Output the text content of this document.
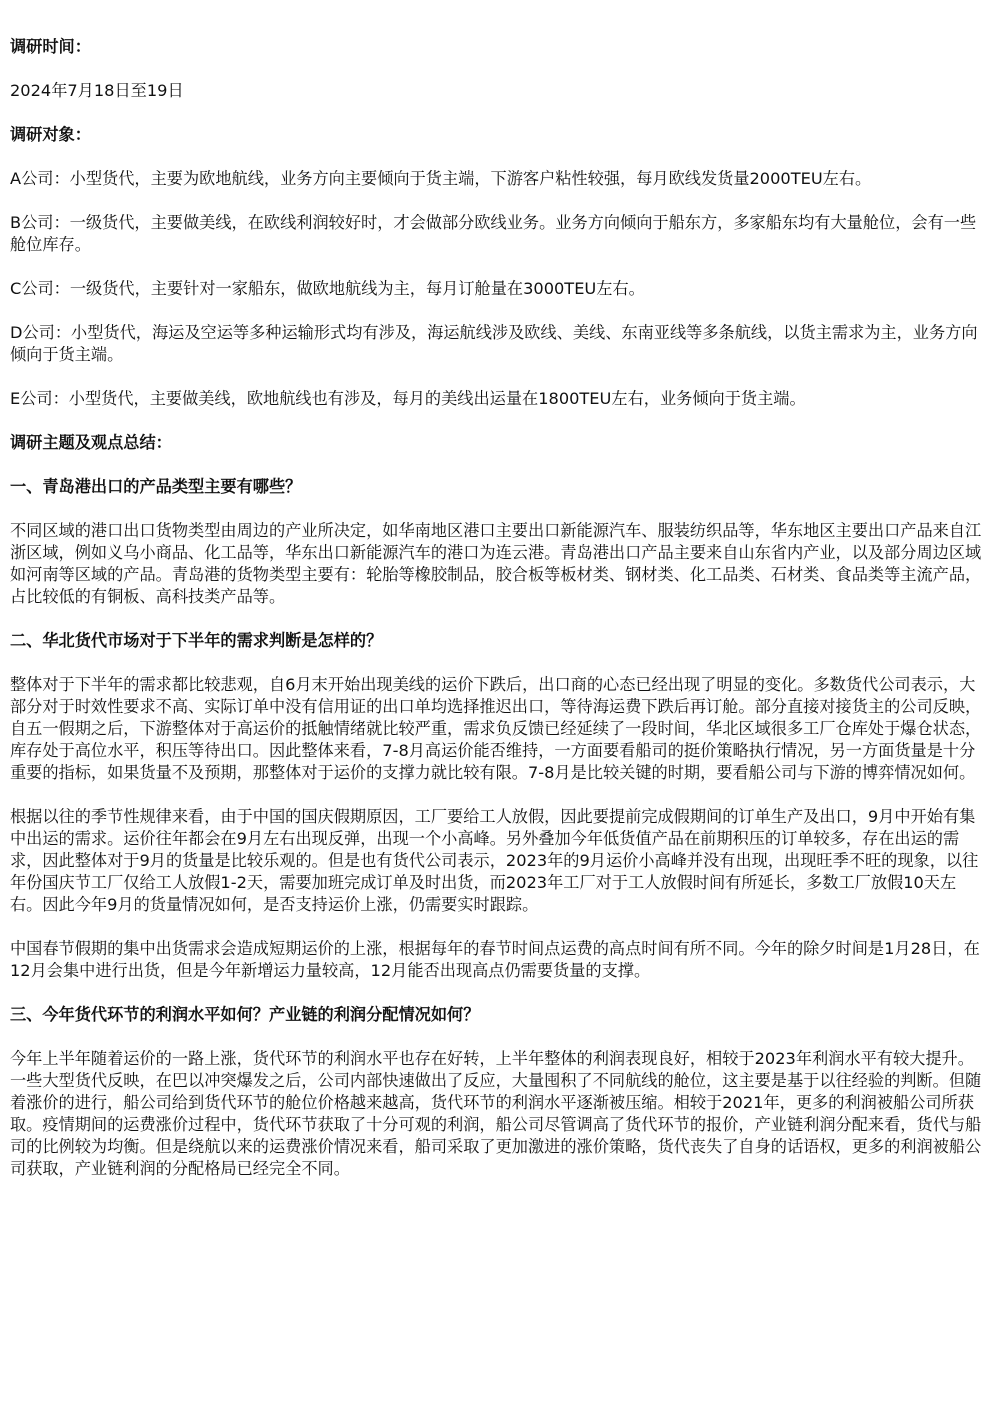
调研时间：
2024年7月18日至19日
调研对象：
A公司：小型货代，主要为欧地航线，业务方向主要倾向于货主端，下游客户粘性较强，每月欧线发货量2000TEU左右。
B公司：一级货代，主要做美线，在欧线利润较好时，才会做部分欧线业务。业务方向倾向于船东方，多家船东均有大量舱位，会有一些舱位库存。
C公司：一级货代，主要针对一家船东，做欧地航线为主，每月订舱量在3000TEU左右。
D公司：小型货代，海运及空运等多种运输形式均有涉及，海运航线涉及欧线、美线、东南亚线等多条航线，以货主需求为主，业务方向倾向于货主端。
E公司：小型货代，主要做美线，欧地航线也有涉及，每月的美线出运量在1800TEU左右，业务倾向于货主端。
调研主题及观点总结：
一、青岛港出口的产品类型主要有哪些？
不同区域的港口出口货物类型由周边的产业所决定，如华南地区港口主要出口新能源汽车、服装纺织品等，华东地区主要出口产品来自江浙区域，例如义乌小商品、化工品等，华东出口新能源汽车的港口为连云港。青岛港出口产品主要来自山东省内产业，以及部分周边区域如河南等区域的产品。青岛港的货物类型主要有：轮胎等橡胶制品，胶合板等板材类、钢材类、化工品类、石材类、食品类等主流产品，占比较低的有铜板、高科技类产品等。
二、华北货代市场对于下半年的需求判断是怎样的？
整体对于下半年的需求都比较悲观，自6月末开始出现美线的运价下跌后，出口商的心态已经出现了明显的变化。多数货代公司表示，大部分对于时效性要求不高、实际订单中没有信用证的出口单均选择推迟出口，等待海运费下跌后再订舱。部分直接对接货主的公司反映，自五一假期之后，下游整体对于高运价的抵触情绪就比较严重，需求负反馈已经延续了一段时间，华北区域很多工厂仓库处于爆仓状态，库存处于高位水平，积压等待出口。因此整体来看，7-8月高运价能否维持，一方面要看船司的挺价策略执行情况，另一方面货量是十分重要的指标，如果货量不及预期，那整体对于运价的支撑力就比较有限。7-8月是比较关键的时期，要看船公司与下游的博弈情况如何。
根据以往的季节性规律来看，由于中国的国庆假期原因，工厂要给工人放假，因此要提前完成假期间的订单生产及出口，9月中开始有集中出运的需求。运价往年都会在9月左右出现反弹，出现一个小高峰。另外叠加今年低货值产品在前期积压的订单较多，存在出运的需求，因此整体对于9月的货量是比较乐观的。但是也有货代公司表示，2023年的9月运价小高峰并没有出现，出现旺季不旺的现象，以往年份国庆节工厂仅给工人放假1-2天，需要加班完成订单及时出货，而2023年工厂对于工人放假时间有所延长，多数工厂放假10天左右。因此今年9月的货量情况如何，是否支持运价上涨，仍需要实时跟踪。
中国春节假期的集中出货需求会造成短期运价的上涨，根据每年的春节时间点运费的高点时间有所不同。今年的除夕时间是1月28日，在12月会集中进行出货，但是今年新增运力量较高，12月能否出现高点仍需要货量的支撑。
三、今年货代环节的利润水平如何？产业链的利润分配情况如何？
今年上半年随着运价的一路上涨，货代环节的利润水平也存在好转，上半年整体的利润表现良好，相较于2023年利润水平有较大提升。一些大型货代反映，在巴以冲突爆发之后，公司内部快速做出了反应，大量囤积了不同航线的舱位，这主要是基于以往经验的判断。但随着涨价的进行，船公司给到货代环节的舱位价格越来越高，货代环节的利润水平逐渐被压缩。相较于2021年，更多的利润被船公司所获取。疫情期间的运费涨价过程中，货代环节获取了十分可观的利润，船公司尽管调高了货代环节的报价，产业链利润分配来看，货代与船司的比例较为均衡。但是绕航以来的运费涨价情况来看，船司采取了更加激进的涨价策略，货代丧失了自身的话语权，更多的利润被船公司获取，产业链利润的分配格局已经完全不同。
